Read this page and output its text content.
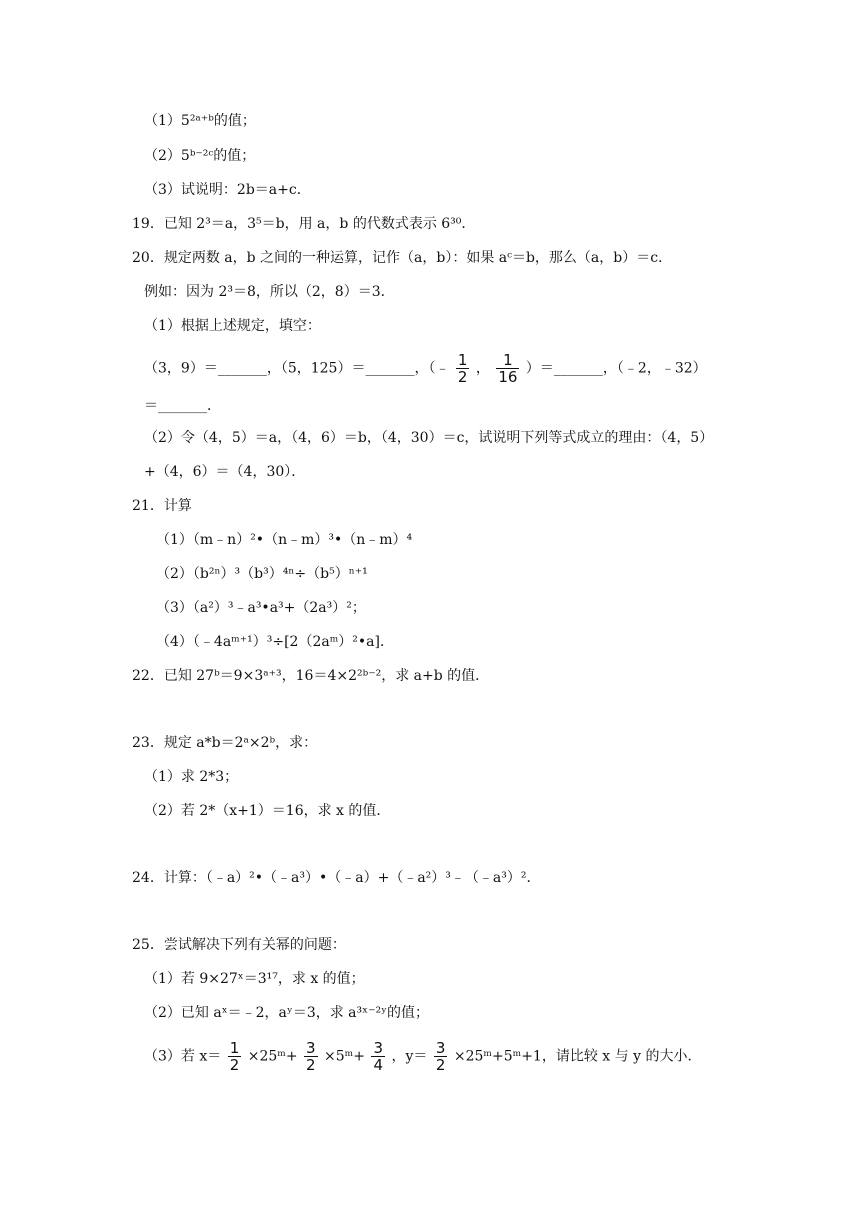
（1）5²ᵃ⁺ᵇ的值；
（2）5ᵇ⁻²ᶜ的值；
（3）试说明：2b＝a+c．
19．已知 2³＝a，3⁵＝b，用 a，b 的代数式表示 6³⁰．
20．规定两数 a，b 之间的一种运算，记作（a，b）：如果 aᶜ＝b，那么（a，b）＝c．
例如：因为 2³＝8，所以（2，8）＝3．
（1）根据上述规定，填空：
（3，9）＝_______，（5，125）＝_______，（﹣ $\frac{1}{2}$ ， $\frac{1}{16}$ ）＝_______，（﹣2，﹣32）
＝_______．
（2）令（4，5）＝a，（4，6）＝b，（4，30）＝c，试说明下列等式成立的理由：（4，5）
+（4，6）＝（4，30）．
21．计算
（1）（m﹣n）²•（n﹣m）³•（n﹣m）⁴
（2）（b²ⁿ）³（b³）⁴ⁿ÷（b⁵）ⁿ⁺¹
（3）（a²）³﹣a³•a³+（2a³）²；
（4）（﹣4aᵐ⁺¹）³÷[2（2aᵐ）²•a]．
22．已知 27ᵇ＝9×3ᵃ⁺³，16＝4×2²ᵇ⁻²，求 a+b 的值．
23．规定 a*b＝2ᵃ×2ᵇ，求：
（1）求 2*3；
（2）若 2*（x+1）＝16，求 x 的值．
24．计算：（﹣a）²•（﹣a³）•（﹣a）+（﹣a²）³﹣（﹣a³）²．
25．尝试解决下列有关幂的问题：
（1）若 9×27ˣ＝3¹⁷，求 x 的值；
（2）已知 aˣ＝﹣2，aʸ＝3，求 a³ˣ⁻²ʸ的值；
（3）若 $x= \frac{1}{2}$ ×25ᵐ+ $\frac{3}{2}$ ×5ᵐ+ $\frac{3}{4}$ ，$y= \frac{3}{2}$ ×25ᵐ+5ᵐ+1，请比较 x 与 y 的大小．
